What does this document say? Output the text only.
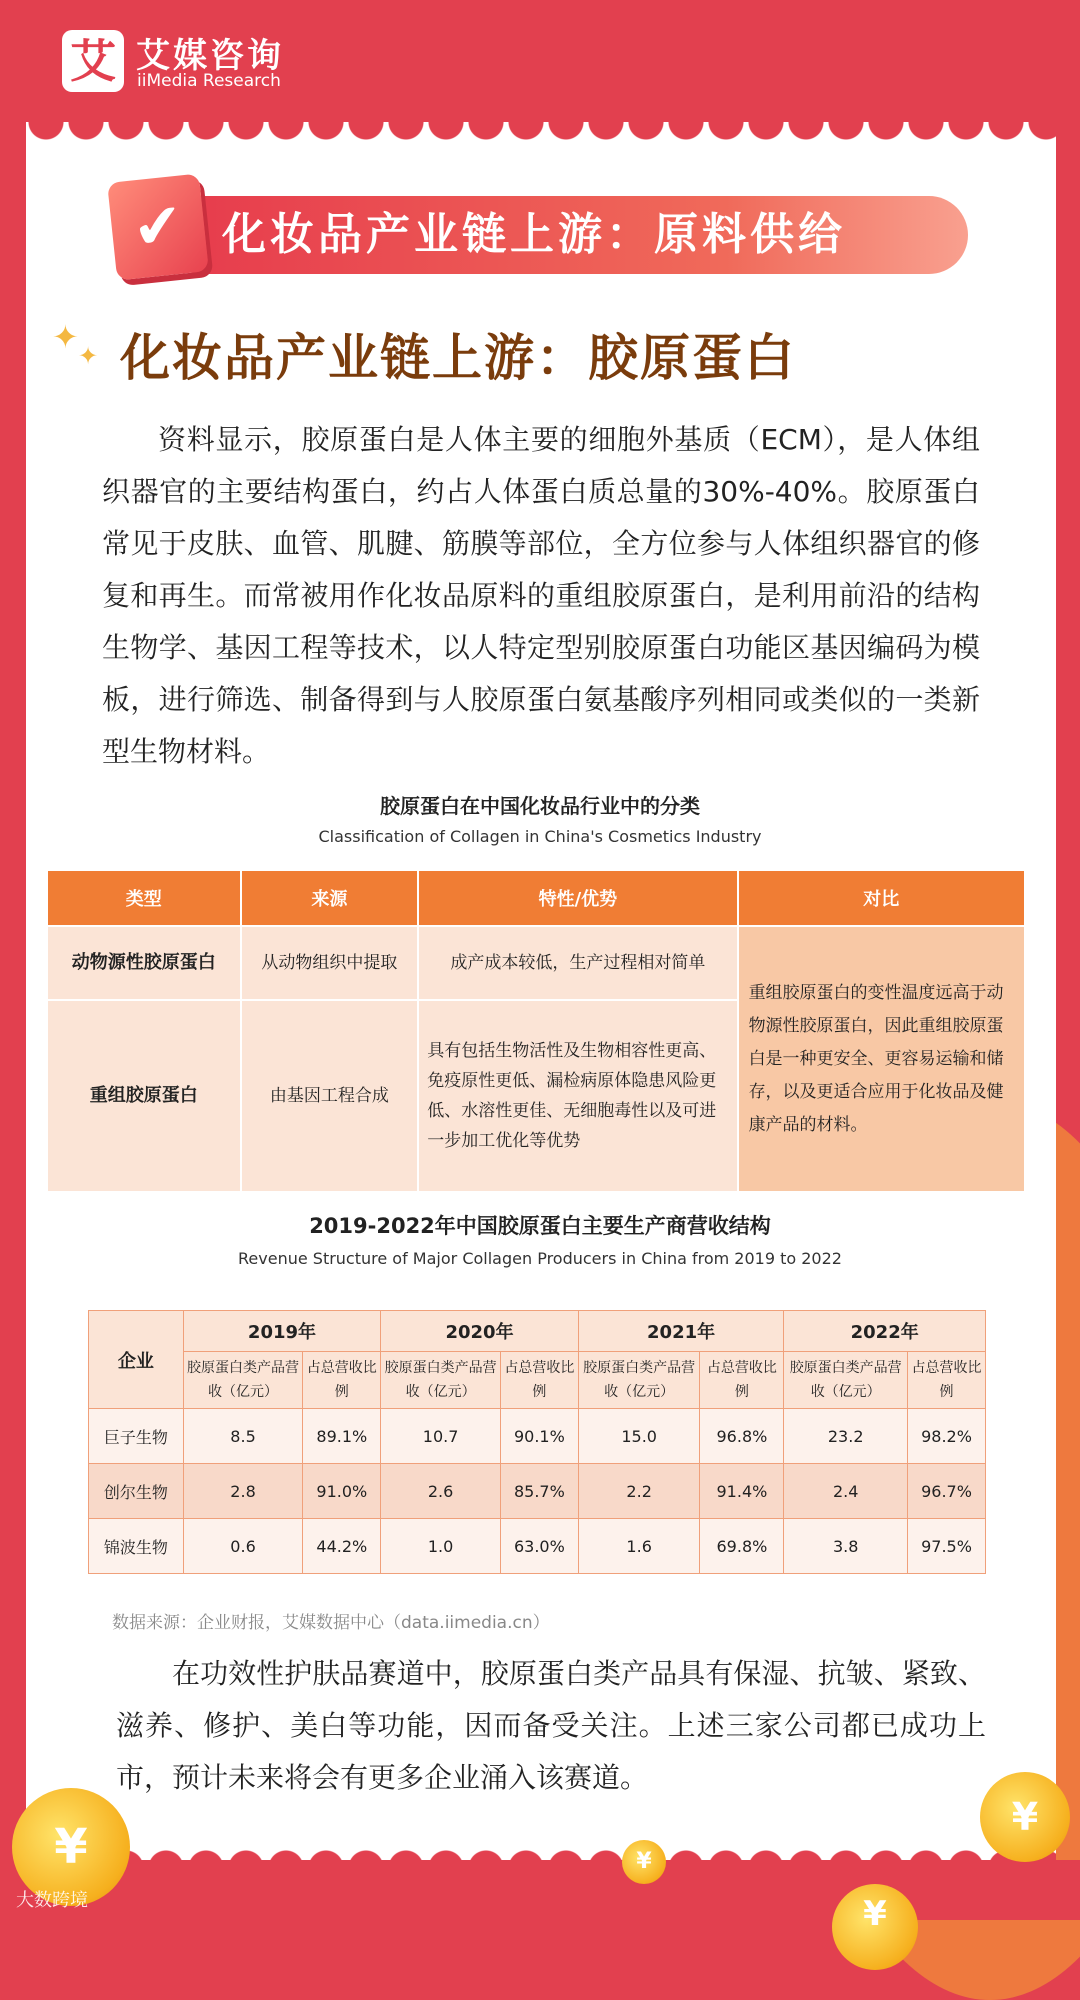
艾 艾媒咨询
iiMedia Research
化妆品产业链上游：原料供给
✔
✦ ✦ 化妆品产业链上游：胶原蛋白
资料显示，胶原蛋白是人体主要的细胞外基质（ECM），是人体组织器官的主要结构蛋白，约占人体蛋白质总量的30%-40%。胶原蛋白常见于皮肤、血管、肌腱、筋膜等部位，全方位参与人体组织器官的修复和再生。而常被用作化妆品原料的重组胶原蛋白，是利用前沿的结构生物学、基因工程等技术，以人特定型别胶原蛋白功能区基因编码为模板，进行筛选、制备得到与人胶原蛋白氨基酸序列相同或类似的一类新型生物材料。
胶原蛋白在中国化妆品行业中的分类
Classification of Collagen in China's Cosmetics Industry
类型	来源	特性/优势	对比
动物源性胶原蛋白	从动物组织中提取	成产成本较低，生产过程相对简单	重组胶原蛋白的变性温度远高于动物源性胶原蛋白，因此重组胶原蛋白是一种更安全、更容易运输和储存，以及更适合应用于化妆品及健康产品的材料。
重组胶原蛋白	由基因工程合成	具有包括生物活性及生物相容性更高、免疫原性更低、漏检病原体隐患风险更低、水溶性更佳、无细胞毒性以及可进一步加工优化等优势	
2019-2022年中国胶原蛋白主要生产商营收结构
Revenue Structure of Major Collagen Producers in China from 2019 to 2022
企业	2019年		2020年		2021年		2022年	
	胶原蛋白类产品营收（亿元）	占总营收比例	胶原蛋白类产品营收（亿元）	占总营收比例	胶原蛋白类产品营收（亿元）	占总营收比例	胶原蛋白类产品营收（亿元）	占总营收比例
巨子生物	8.5	89.1%	10.7	90.1%	15.0	96.8%	23.2	98.2%
创尔生物	2.8	91.0%	2.6	85.7%	2.2	91.4%	2.4	96.7%
锦波生物	0.6	44.2%	1.0	63.0%	1.6	69.8%	3.8	97.5%
数据来源：企业财报，艾媒数据中心（data.iimedia.cn）
在功效性护肤品赛道中，胶原蛋白类产品具有保湿、抗皱、紧致、滋养、修护、美白等功能，因而备受关注。上述三家公司都已成功上市，预计未来将会有更多企业涌入该赛道。
¥
¥
¥
¥
大数跨境
